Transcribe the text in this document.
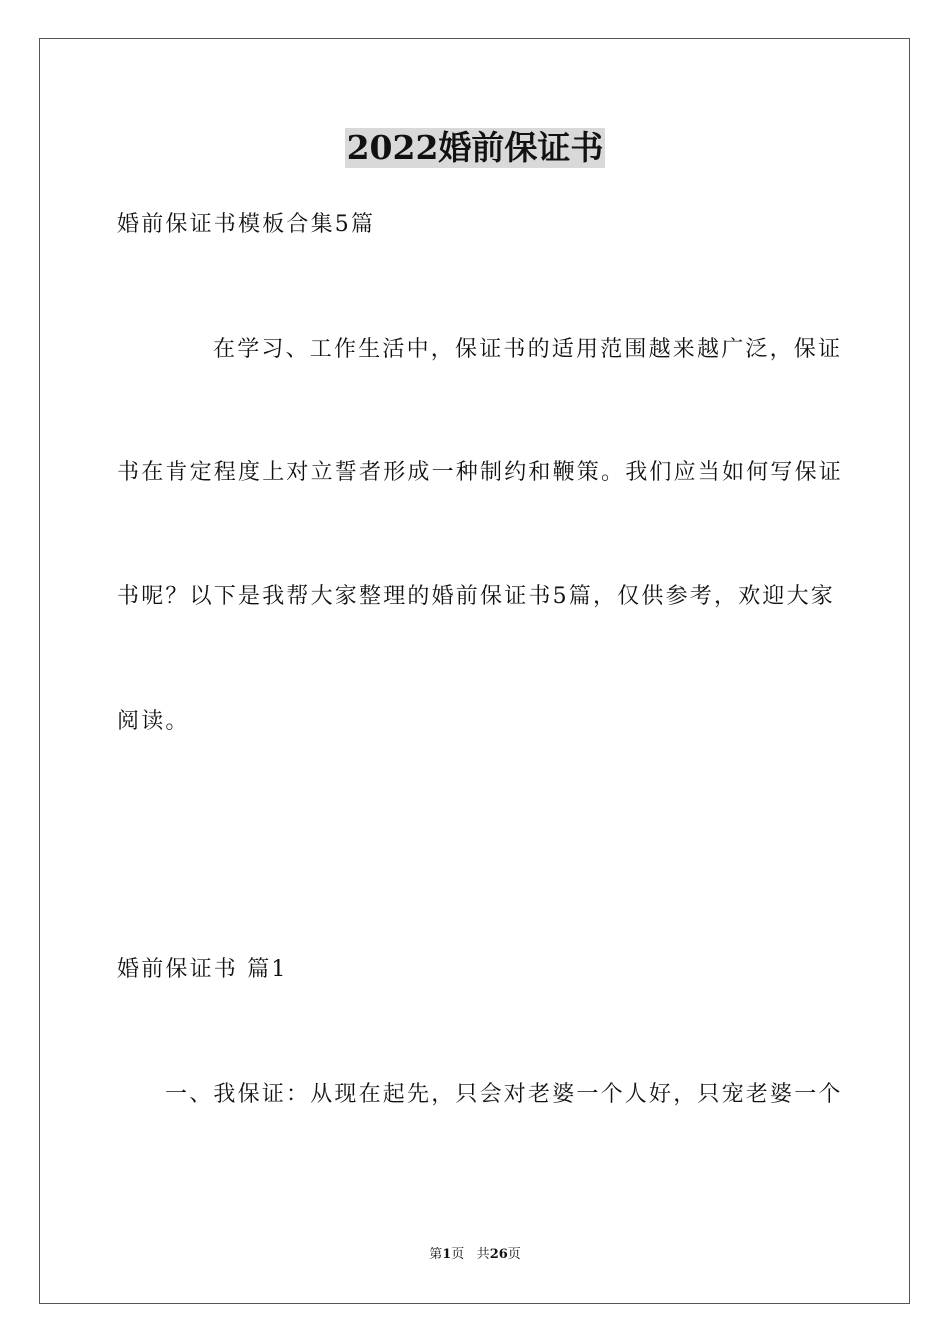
2022婚前保证书
婚前保证书模板合集5篇
在学习、工作生活中，保证书的适用范围越来越广泛，保证
书在肯定程度上对立誓者形成一种制约和鞭策。我们应当如何写保证
书呢？以下是我帮大家整理的婚前保证书5篇，仅供参考，欢迎大家
阅读。
婚前保证书 篇1
一、我保证：从现在起先，只会对老婆一个人好，只宠老婆一个
第1页 共26页
